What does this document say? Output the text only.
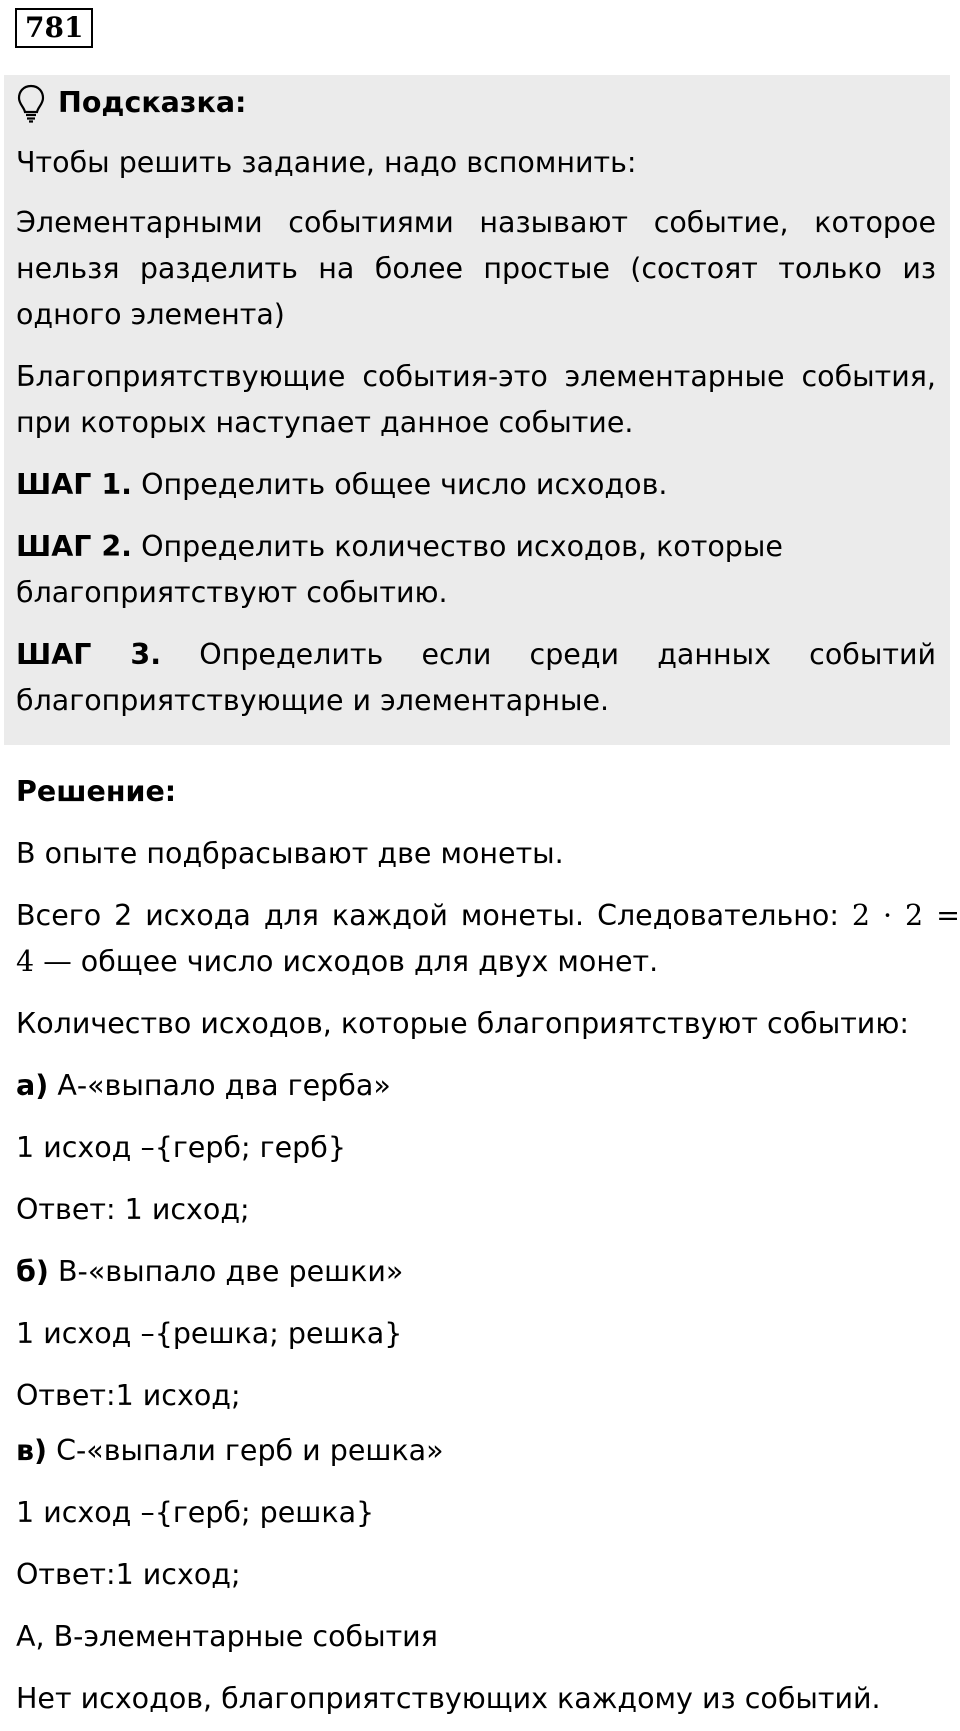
781
Подсказка:
Чтобы решить задание, надо вспомнить:
Элементарными событиями называют событие, которое
нельзя разделить на более простые (состоят только из
одного элемента)
Благоприятствующие события-это элементарные события,
при которых наступает данное событие.
ШАГ 1. Определить общее число исходов.
ШАГ 2. Определить количество исходов, которые
благоприятствуют событию.
ШАГ 3. Определить если среди данных событий
благоприятствующие и элементарные.
Решение:
В опыте подбрасывают две монеты.
Всего 2 исхода для каждой монеты. Следовательно: 2 · 2 =
4 — общее число исходов для двух монет.
Количество исходов, которые благоприятствуют событию:
а) А-«выпало два герба»
1 исход –{герб; герб}
Ответ: 1 исход;
б) В-«выпало две решки»
1 исход –{решка; решка}
Ответ:1 исход;
в) С-«выпали герб и решка»
1 исход –{герб; решка}
Ответ:1 исход;
А, В-элементарные события
Нет исходов, благоприятствующих каждому из событий.
